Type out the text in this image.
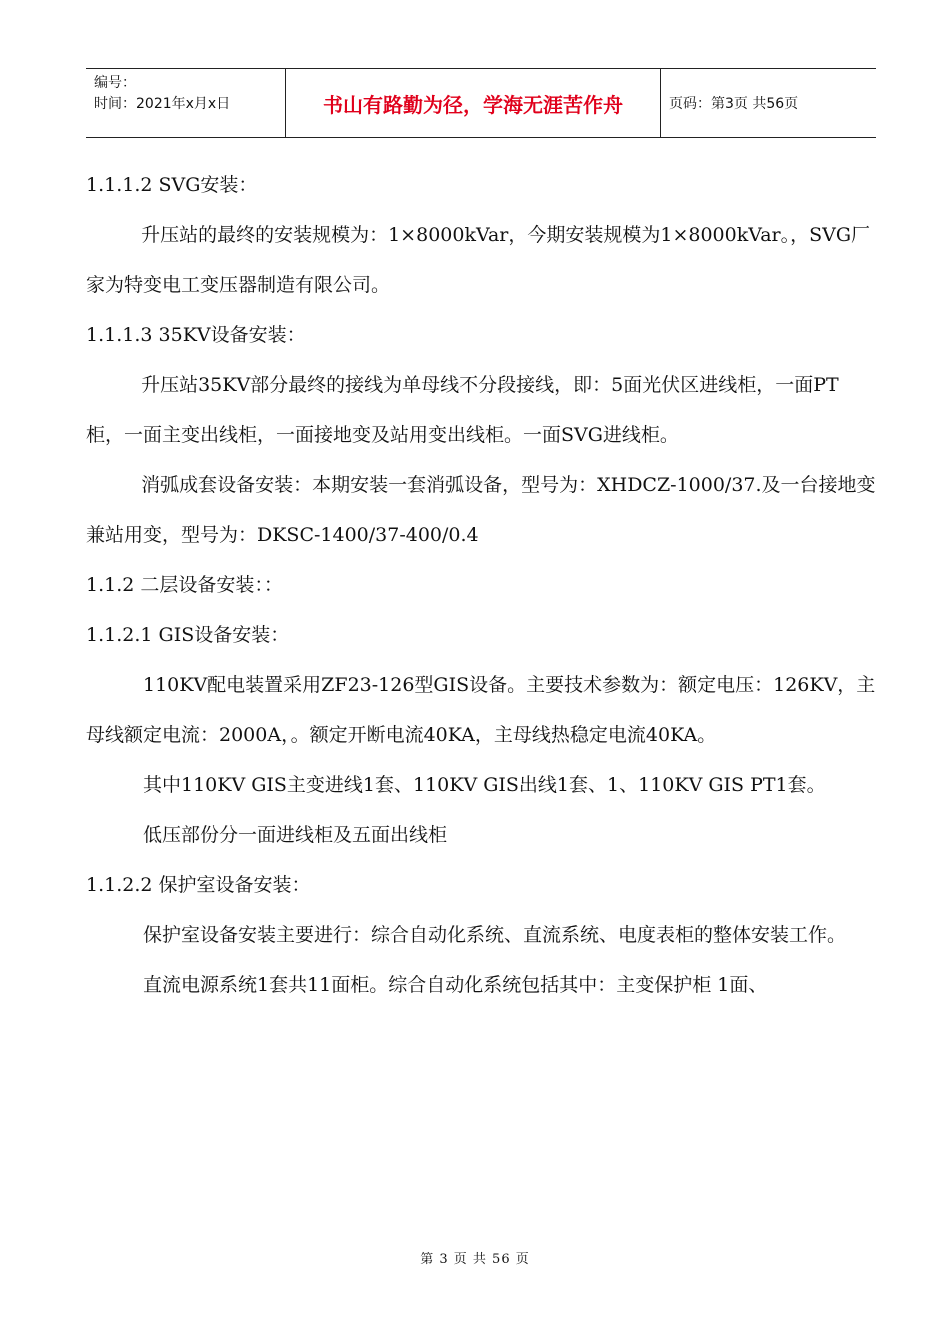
编号：
时间：2021年x月x日	书山有路勤为径，学海无涯苦作舟	页码：第3页 共56页

1.1.1.2 SVG安装：

升压站的最终的安装规模为：1×8000kVar，今期安装规模为1×8000kVar。，SVG厂家为特变电工变压器制造有限公司。

1.1.1.3 35KV设备安装：

升压站35KV部分最终的接线为单母线不分段接线，即：5面光伏区进线柜，一面PT柜，一面主变出线柜，一面接地变及站用变出线柜。一面SVG进线柜。

消弧成套设备安装：本期安装一套消弧设备，型号为：XHDCZ-1000/37.及一台接地变兼站用变，型号为：DKSC-1400/37-400/0.4

1.1.2 二层设备安装：：

1.1.2.1 GIS设备安装：

110KV配电装置采用ZF23-126型GIS设备。主要技术参数为：额定电压：126KV，主母线额定电流：2000A，。额定开断电流40KA，主母线热稳定电流40KA。

其中110KV GIS主变进线1套、110KV GIS出线1套、1、110KV GIS PT1套。

低压部份分一面进线柜及五面出线柜

1.1.2.2 保护室设备安装：

保护室设备安装主要进行：综合自动化系统、直流系统、电度表柜的整体安装工作。

直流电源系统1套共11面柜。综合自动化系统包括其中：主变保护柜 1面、

第 3 页 共 56 页
